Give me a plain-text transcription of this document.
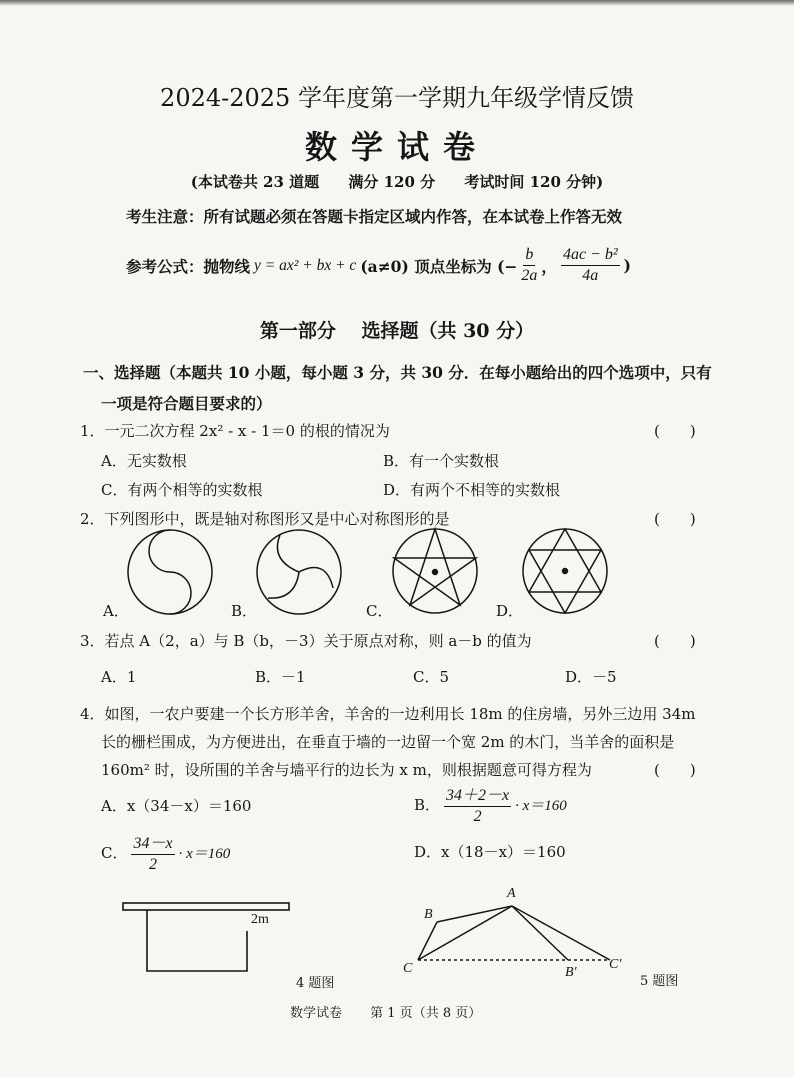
2024-2025 学年度第一学期九年级学情反馈
数学试卷
(本试卷共 23 道题 满分 120 分 考试时间 120 分钟)
考生注意：所有试题必须在答题卡指定区域内作答，在本试卷上作答无效
参考公式：抛物线 y = ax² + bx + c (a≠0) 顶点坐标为 (− $\frac{b}{2a}$ ， $\frac{\text{4ac − b²}}{4a}$ )
第一部分　 选择题（共 30 分）
一、选择题（本题共 10 小题，每小题 3 分，共 30 分．在每小题给出的四个选项中，只有
一项是符合题目要求的）
1．一元二次方程 2x² - x - 1＝0 的根的情况为	(　　)
A．无实数根	B．有一个实数根
C．有两个相等的实数根	D．有两个不相等的实数根
2．下列图形中，既是轴对称图形又是中心对称图形的是	(　　)
A．	B．	C．	D．
3．若点 A（2，a）与 B（b，－3）关于原点对称，则 a－b 的值为	(　　)
A．1	B．－1	C．5	D．－5
4．如图，一农户要建一个长方形羊舍，羊舍的一边利用长 18m 的住房墙，另外三边用 34m
长的栅栏围成，为方便进出，在垂直于墙的一边留一个宽 2m 的木门，当羊舍的面积是
160m² 时，设所围的羊舍与墙平行的边长为 x m，则根据题意可得方程为	(　　)
A．x（34－x）＝160	B． $\frac{34+2-x}{2} \cdot x=160$
C． $\frac{34-x}{2} \cdot x=160$	D．x（18－x）＝160
2m
4 题图
A
B
C	B′
C′
5 题图
数学试卷 第 1 页（共 8 页）
